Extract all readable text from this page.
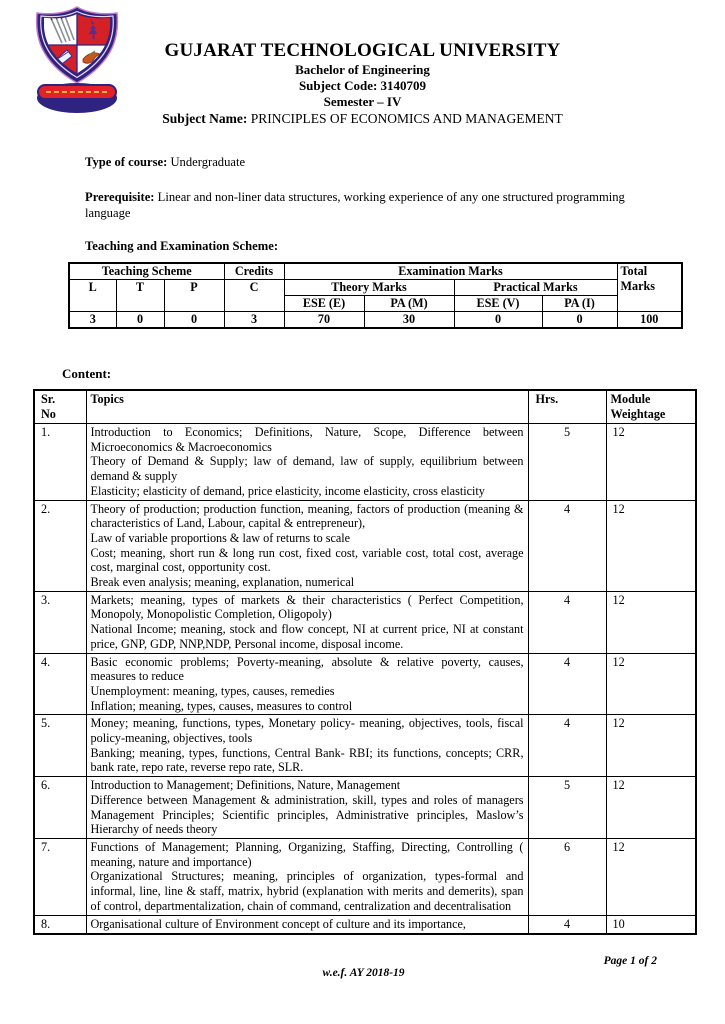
GUJARAT TECHNOLOGICAL UNIVERSITY
Bachelor of Engineering
Subject Code: 3140709
Semester – IV
Subject Name: PRINCIPLES OF ECONOMICS AND MANAGEMENT
Type of course: Undergraduate
Prerequisite: Linear and non-liner data structures, working experience of any one structured programming language
Teaching and Examination Scheme:
Teaching Scheme			Credits	Examination Marks				Total
Marks

L	T	P	C	Theory Marks		Practical Marks		
				ESE (E)	PA (M)	ESE (V)	PA (I)	
3	0	0	3	70	30	0	0	100
Content:
Sr.
No
	Topics	Hrs.	Module
Weightage

1.	Introduction to Economics; Definitions, Nature, Scope, Difference between Microeconomics & Macroeconomics
Theory of Demand & Supply; law of demand, law of supply, equilibrium between demand & supply
Elasticity; elasticity of demand, price elasticity, income elasticity, cross elasticity	5	12
2.	Theory of production; production function, meaning, factors of production (meaning & characteristics of Land, Labour, capital & entrepreneur),
Law of variable proportions & law of returns to scale
Cost; meaning, short run & long run cost, fixed cost, variable cost, total cost, average cost, marginal cost, opportunity cost.
Break even analysis; meaning, explanation, numerical	4	12
3.	Markets; meaning, types of markets & their characteristics ( Perfect Competition, Monopoly, Monopolistic Completion, Oligopoly)
National Income; meaning, stock and flow concept, NI at current price, NI at constant price, GNP, GDP, NNP,NDP, Personal income, disposal income.	4	12
4.	Basic economic problems; Poverty-meaning, absolute & relative poverty, causes, measures to reduce
Unemployment: meaning, types, causes, remedies
Inflation; meaning, types, causes, measures to control	4	12
5.	Money; meaning, functions, types, Monetary policy- meaning, objectives, tools, fiscal policy-meaning, objectives, tools
Banking; meaning, types, functions, Central Bank- RBI; its functions, concepts; CRR, bank rate, repo rate, reverse repo rate, SLR.	4	12
6.	Introduction to Management; Definitions, Nature, Management
Difference between Management & administration, skill, types and roles of managers Management Principles; Scientific principles, Administrative principles, Maslow’s Hierarchy of needs theory	5	12
7.	Functions of Management; Planning, Organizing, Staffing, Directing, Controlling ( meaning, nature and importance)
Organizational Structures; meaning, principles of organization, types-formal and informal, line, line & staff, matrix, hybrid (explanation with merits and demerits), span of control, departmentalization, chain of command, centralization and decentralisation	6	12
8.	Organisational culture of Environment concept of culture and its importance,	4	10
Page 1 of 2
w.e.f. AY 2018-19
